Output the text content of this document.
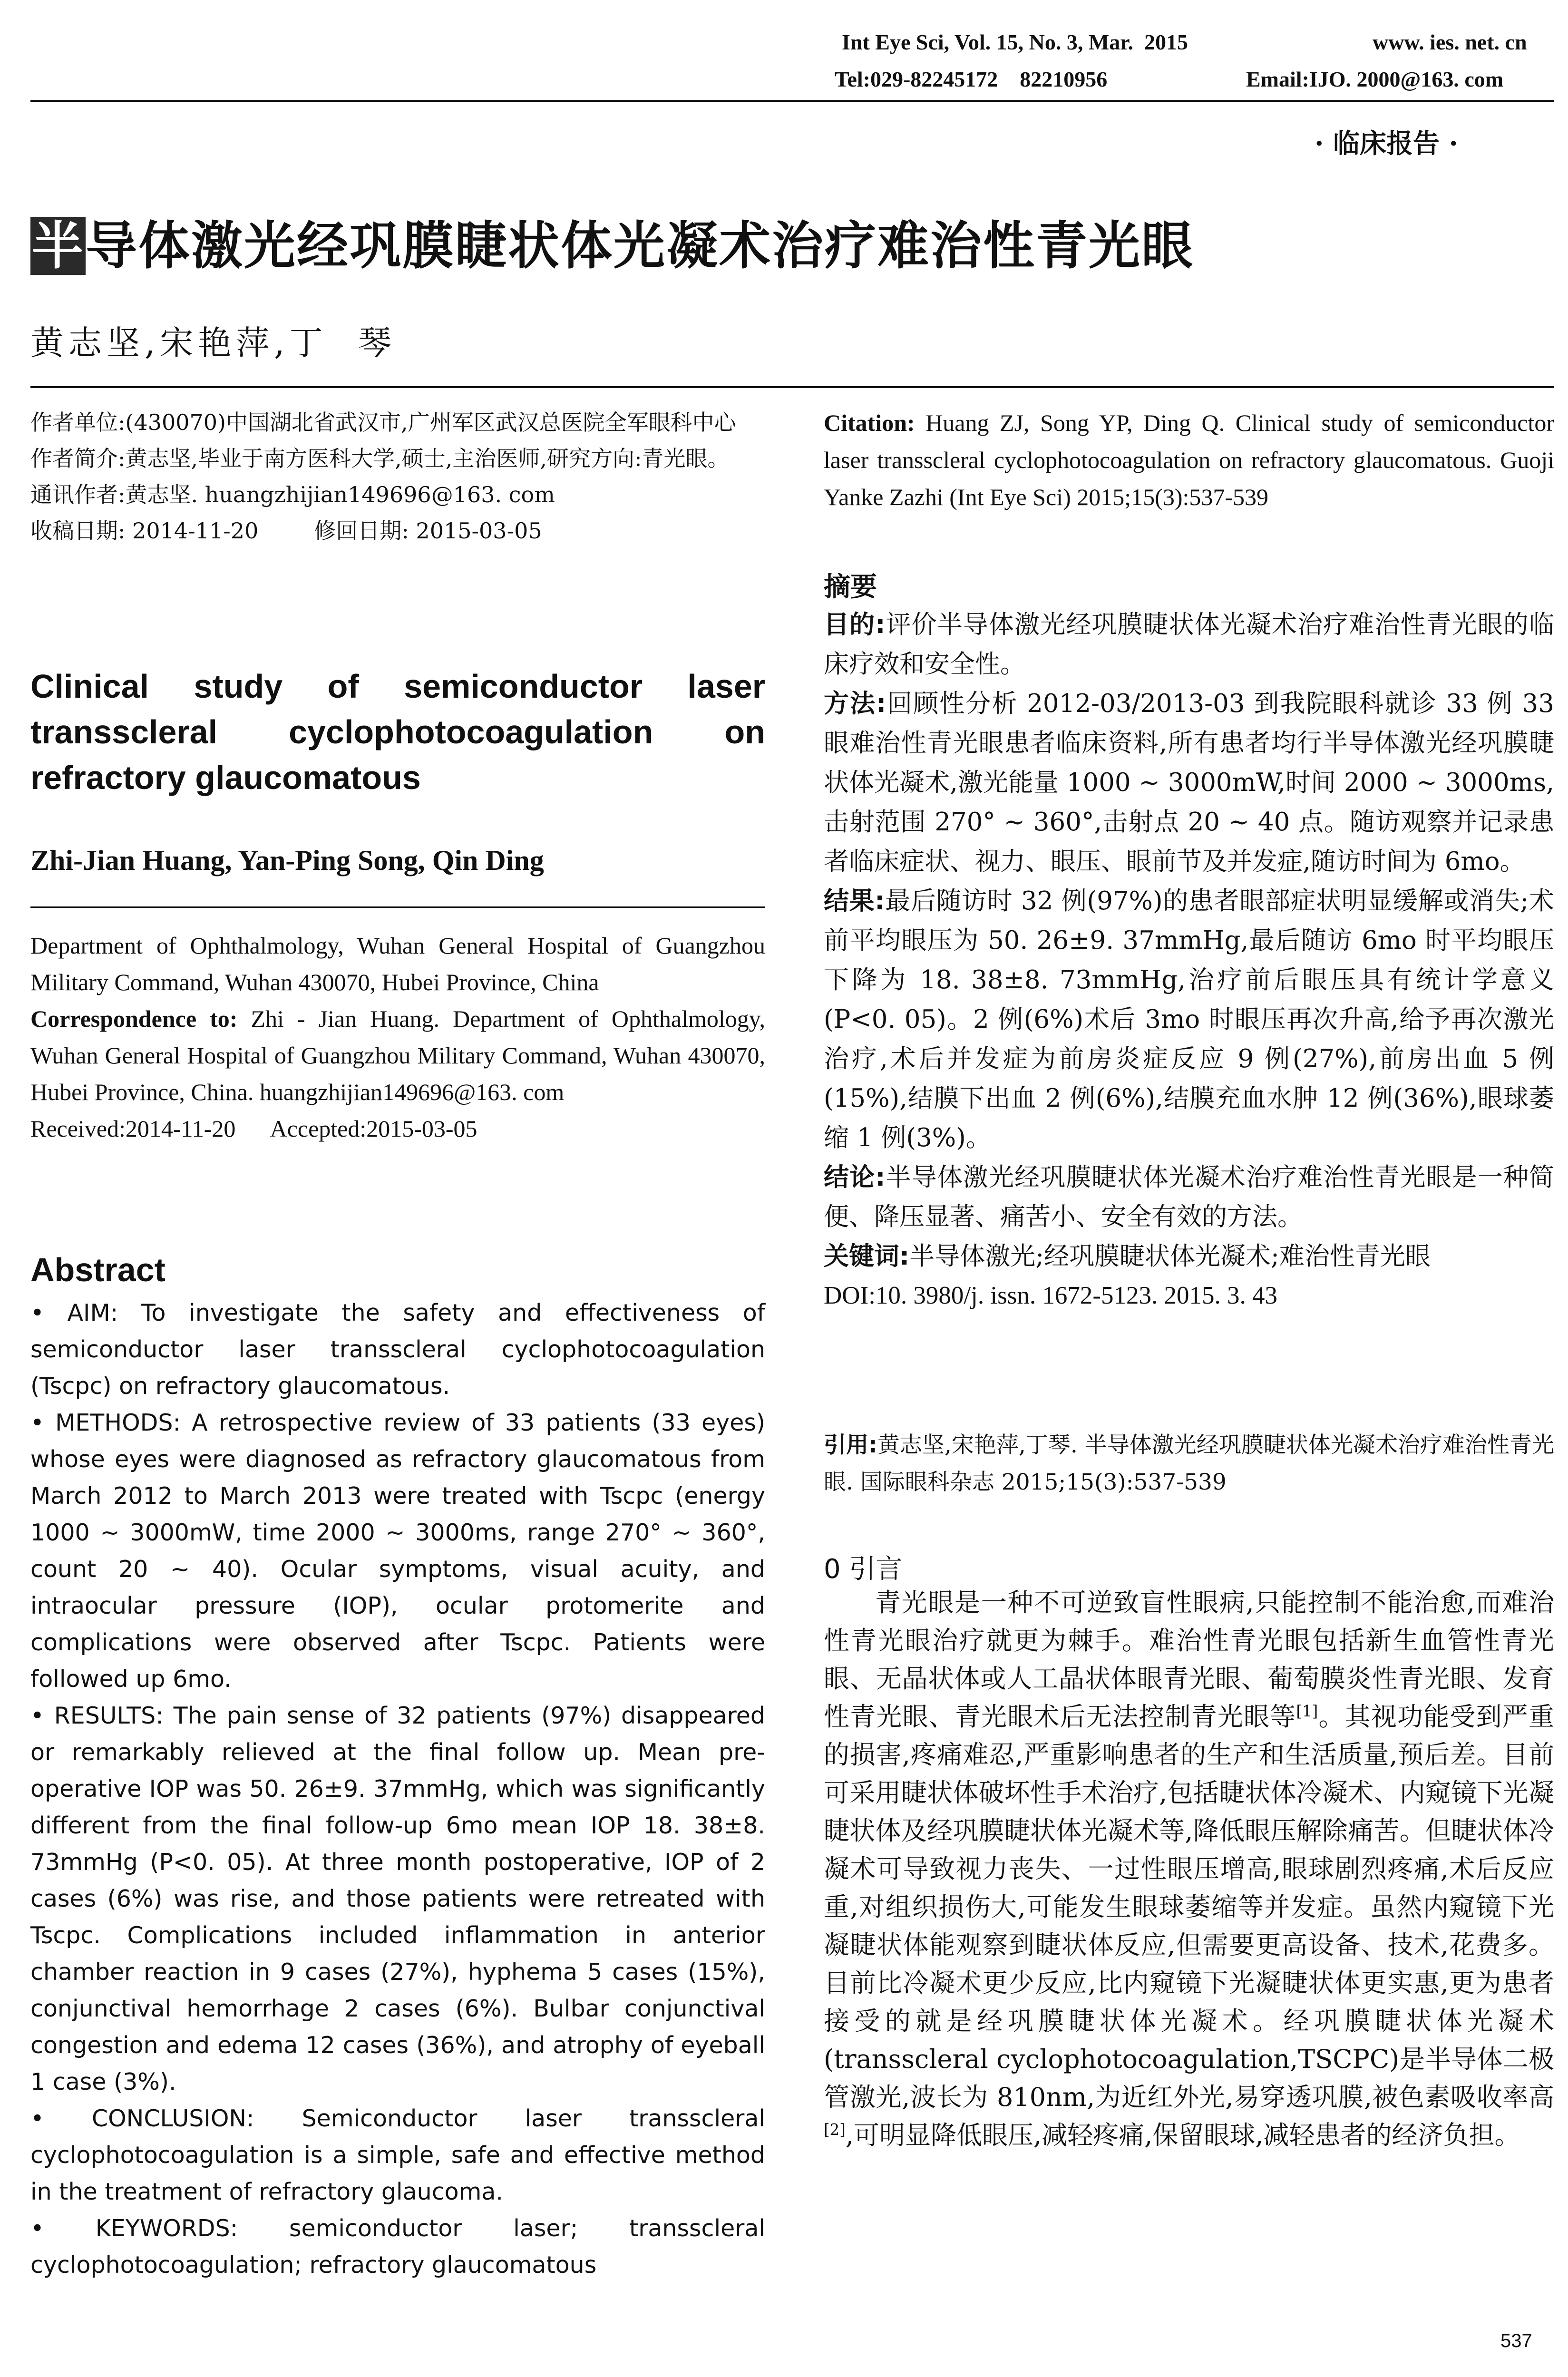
Int Eye Sci, Vol. 15, No. 3, Mar.  2015	www. ies. net. cn
Tel:029-82245172    82210956	Email:IJO. 2000@163. com
· 临床报告 ·
半导体激光经巩膜睫状体光凝术治疗难治性青光眼
黄志坚,宋艳萍,丁  琴

作者单位:(430070)中国湖北省武汉市,广州军区武汉总医院全军眼科中心

作者简介:黄志坚,毕业于南方医科大学,硕士,主治医师,研究方向:青光眼。

通讯作者:黄志坚. huangzhijian149696@163. com

收稿日期: 2014-11-20        修回日期: 2015-03-05

Clinical study of semiconductor laser transscleral cyclophotocoagulation on refractory glaucomatous
Zhi-Jian Huang, Yan-Ping Song, Qin Ding

Department of Ophthalmology, Wuhan General Hospital of Guangzhou Military Command, Wuhan 430070, Hubei Province, China

Correspondence to: Zhi - Jian Huang. Department of Ophthalmology, Wuhan General Hospital of Guangzhou Military Command, Wuhan 430070, Hubei Province, China. huangzhijian149696@163. com

Received:2014-11-20      Accepted:2015-03-05

Abstract

• AIM: To investigate the safety and effectiveness of semiconductor laser transscleral cyclophotocoagulation (Tscpc) on refractory glaucomatous.

• METHODS: A retrospective review of 33 patients (33 eyes) whose eyes were diagnosed as refractory glaucomatous from March 2012 to March 2013 were treated with Tscpc (energy 1000 ~ 3000mW, time 2000 ~ 3000ms, range 270° ~ 360°, count 20 ~ 40). Ocular symptoms, visual acuity, and intraocular pressure (IOP), ocular protomerite and complications were observed after Tscpc. Patients were followed up 6mo.

• RESULTS: The pain sense of 32 patients (97%) disappeared or remarkably relieved at the final follow up. Mean pre-operative IOP was 50. 26±9. 37mmHg, which was significantly different from the final follow-up 6mo mean IOP 18. 38±8. 73mmHg (P<0. 05). At three month postoperative, IOP of 2 cases (6%) was rise, and those patients were retreated with Tscpc. Complications included inflammation in anterior chamber reaction in 9 cases (27%), hyphema 5 cases (15%), conjunctival hemorrhage 2 cases (6%). Bulbar conjunctival congestion and edema 12 cases (36%), and atrophy of eyeball 1 case (3%).

• CONCLUSION: Semiconductor laser transscleral cyclophotocoagulation is a simple, safe and effective method in the treatment of refractory glaucoma.

• KEYWORDS: semiconductor laser; transscleral cyclophotocoagulation; refractory glaucomatous

Citation: Huang ZJ, Song YP, Ding Q. Clinical study of semiconductor laser transscleral cyclophotocoagulation on refractory glaucomatous. Guoji Yanke Zazhi (Int Eye Sci) 2015;15(3):537-539
摘要

目的:评价半导体激光经巩膜睫状体光凝术治疗难治性青光眼的临床疗效和安全性。

方法:回顾性分析 2012-03/2013-03 到我院眼科就诊 33 例 33 眼难治性青光眼患者临床资料,所有患者均行半导体激光经巩膜睫状体光凝术,激光能量 1000 ~ 3000mW,时间 2000 ~ 3000ms,击射范围 270° ~ 360°,击射点 20 ~ 40 点。随访观察并记录患者临床症状、视力、眼压、眼前节及并发症,随访时间为 6mo。

结果:最后随访时 32 例(97%)的患者眼部症状明显缓解或消失;术前平均眼压为 50. 26±9. 37mmHg,最后随访 6mo 时平均眼压下降为 18. 38±8. 73mmHg,治疗前后眼压具有统计学意义(P<0. 05)。2 例(6%)术后 3mo 时眼压再次升高,给予再次激光治疗,术后并发症为前房炎症反应 9 例(27%),前房出血 5 例(15%),结膜下出血 2 例(6%),结膜充血水肿 12 例(36%),眼球萎缩 1 例(3%)。

结论:半导体激光经巩膜睫状体光凝术治疗难治性青光眼是一种简便、降压显著、痛苦小、安全有效的方法。

关键词:半导体激光;经巩膜睫状体光凝术;难治性青光眼

DOI:10. 3980/j. issn. 1672-5123. 2015. 3. 43

引用:黄志坚,宋艳萍,丁琴. 半导体激光经巩膜睫状体光凝术治疗难治性青光眼. 国际眼科杂志 2015;15(3):537-539
0 引言
青光眼是一种不可逆致盲性眼病,只能控制不能治愈,而难治性青光眼治疗就更为棘手。难治性青光眼包括新生血管性青光眼、无晶状体或人工晶状体眼青光眼、葡萄膜炎性青光眼、发育性青光眼、青光眼术后无法控制青光眼等[1]。其视功能受到严重的损害,疼痛难忍,严重影响患者的生产和生活质量,预后差。目前可采用睫状体破坏性手术治疗,包括睫状体冷凝术、内窥镜下光凝睫状体及经巩膜睫状体光凝术等,降低眼压解除痛苦。但睫状体冷凝术可导致视力丧失、一过性眼压增高,眼球剧烈疼痛,术后反应重,对组织损伤大,可能发生眼球萎缩等并发症。虽然内窥镜下光凝睫状体能观察到睫状体反应,但需要更高设备、技术,花费多。目前比冷凝术更少反应,比内窥镜下光凝睫状体更实惠,更为患者接受的就是经巩膜睫状体光凝术。经巩膜睫状体光凝术(transscleral cyclophotocoagulation,TSCPC)是半导体二极管激光,波长为 810nm,为近红外光,易穿透巩膜,被色素吸收率高[2],可明显降低眼压,减轻疼痛,保留眼球,减轻患者的经济负担。
537
